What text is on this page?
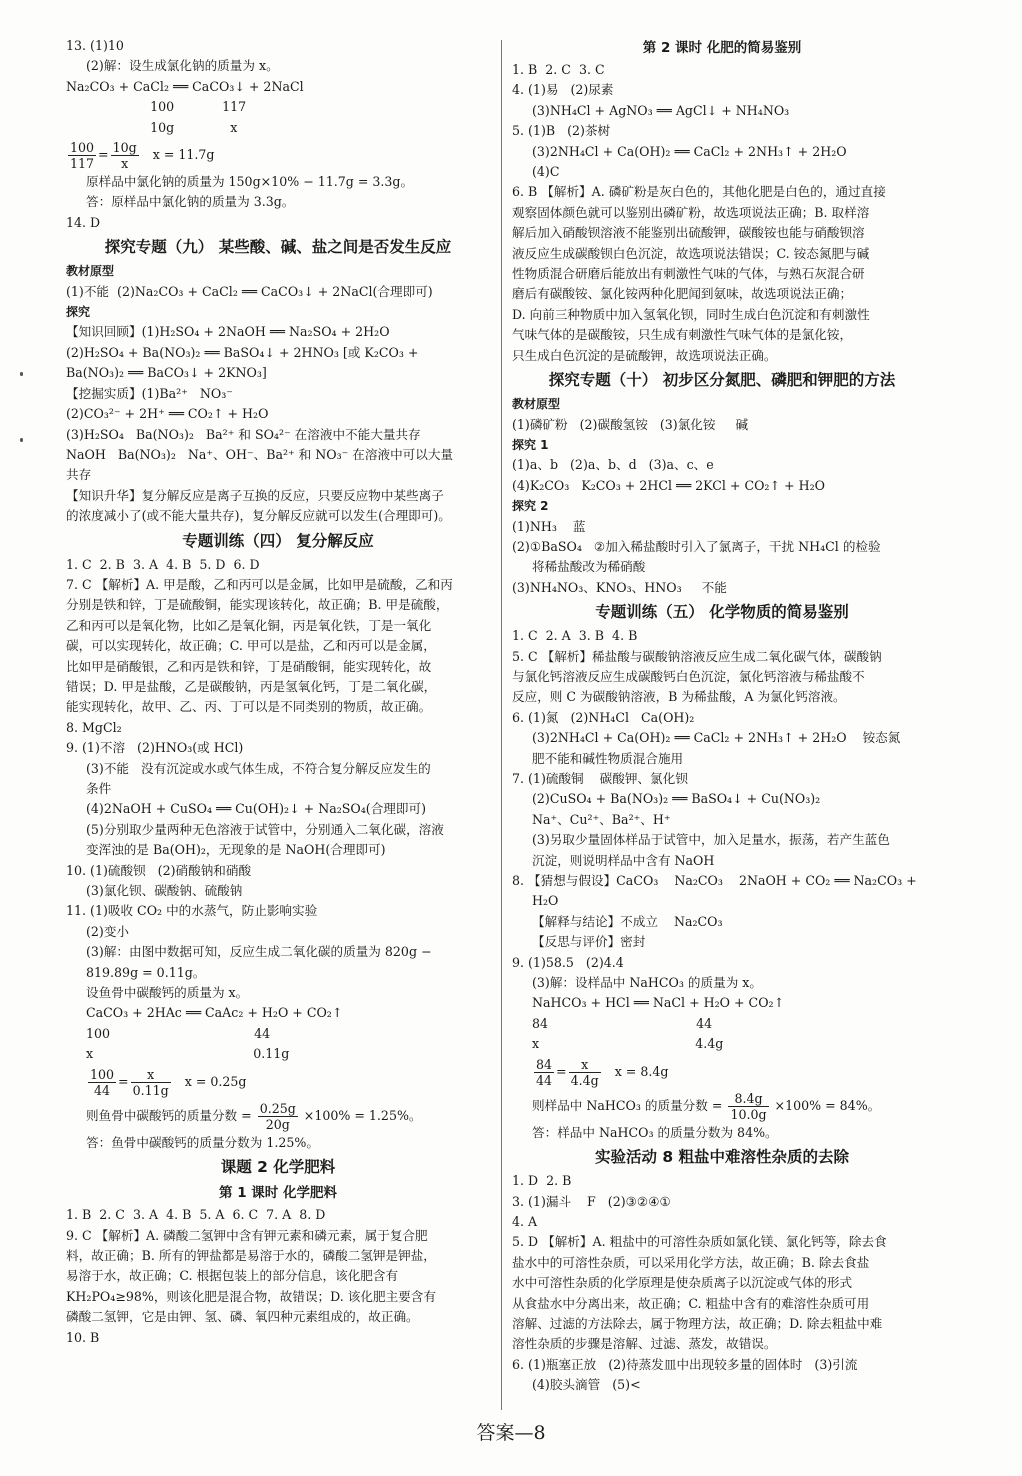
13. (1)10
(2)解：设生成氯化钠的质量为 x。
Na₂CO₃ + CaCl₂ ══ CaCO₃↓ + 2NaCl
100            117
10g              x
$\frac{100}{117} = \frac{10g}{x}$ x = 11.7g
原样品中氯化钠的质量为 150g×10% − 11.7g = 3.3g。
答：原样品中氯化钠的质量为 3.3g。
14. D
探究专题（九） 某些酸、碱、盐之间是否发生反应
教材原型
(1)不能  (2)Na₂CO₃ + CaCl₂ ══ CaCO₃↓ + 2NaCl(合理即可)
探究
【知识回顾】(1)H₂SO₄ + 2NaOH ══ Na₂SO₄ + 2H₂O
(2)H₂SO₄ + Ba(NO₃)₂ ══ BaSO₄↓ + 2HNO₃ [或 K₂CO₃ +
Ba(NO₃)₂ ══ BaCO₃↓ + 2KNO₃]
【挖掘实质】(1)Ba²⁺   NO₃⁻
(2)CO₃²⁻ + 2H⁺ ══ CO₂↑ + H₂O
(3)H₂SO₄   Ba(NO₃)₂   Ba²⁺ 和 SO₄²⁻ 在溶液中不能大量共存
NaOH   Ba(NO₃)₂   Na⁺、OH⁻、Ba²⁺ 和 NO₃⁻ 在溶液中可以大量
共存
【知识升华】复分解反应是离子互换的反应，只要反应物中某些离子
的浓度减小了(或不能大量共存)，复分解反应就可以发生(合理即可)。
专题训练（四） 复分解反应
1. C  2. B  3. A  4. B  5. D  6. D
7. C 【解析】A. 甲是酸，乙和丙可以是金属，比如甲是硫酸，乙和丙
分别是铁和锌，丁是硫酸铜，能实现该转化，故正确；B. 甲是硫酸，
乙和丙可以是氧化物，比如乙是氧化铜，丙是氧化铁，丁是一氧化
碳，可以实现转化，故正确；C. 甲可以是盐，乙和丙可以是金属，
比如甲是硝酸银，乙和丙是铁和锌，丁是硝酸铜，能实现转化，故
错误；D. 甲是盐酸，乙是碳酸钠，丙是氢氧化钙，丁是二氧化碳，
能实现转化，故甲、乙、丙、丁可以是不同类别的物质，故正确。
8. MgCl₂
9. (1)不溶   (2)HNO₃(或 HCl)
(3)不能   没有沉淀或水或气体生成，不符合复分解反应发生的
条件
(4)2NaOH + CuSO₄ ══ Cu(OH)₂↓ + Na₂SO₄(合理即可)
(5)分别取少量两种无色溶液于试管中，分别通入二氧化碳，溶液
变浑浊的是 Ba(OH)₂，无现象的是 NaOH(合理即可)
10. (1)硫酸钡   (2)硝酸钠和硝酸
(3)氯化钡、碳酸钠、硫酸钠
11. (1)吸收 CO₂ 中的水蒸气，防止影响实验
(2)变小
(3)解：由图中数据可知，反应生成二氧化碳的质量为 820g −
819.89g = 0.11g。
设鱼骨中碳酸钙的质量为 x。
CaCO₃ + 2HAc ══ CaAc₂ + H₂O + CO₂↑
100                                    44
x                                        0.11g
$\frac{100}{44} = \frac{x}{0.11g}$ x = 0.25g
则鱼骨中碳酸钙的质量分数 = $\frac{0.25g}{20g} \times 100\% = 1.25\%$。
答：鱼骨中碳酸钙的质量分数为 1.25%。
课题 2 化学肥料
第 1 课时 化学肥料
1. B  2. C  3. A  4. B  5. A  6. C  7. A  8. D
9. C 【解析】A. 磷酸二氢钾中含有钾元素和磷元素，属于复合肥
料，故正确；B. 所有的钾盐都是易溶于水的，磷酸二氢钾是钾盐，
易溶于水，故正确；C. 根据包装上的部分信息，该化肥含有
KH₂PO₄≥98%，则该化肥是混合物，故错误；D. 该化肥主要含有
磷酸二氢钾，它是由钾、氢、磷、氧四种元素组成的，故正确。
10. B
第 2 课时 化肥的简易鉴别
1. B  2. C  3. C
4. (1)易   (2)尿素
(3)NH₄Cl + AgNO₃ ══ AgCl↓ + NH₄NO₃
5. (1)B   (2)茶树
(3)2NH₄Cl + Ca(OH)₂ ══ CaCl₂ + 2NH₃↑ + 2H₂O
(4)C
6. B 【解析】A. 磷矿粉是灰白色的，其他化肥是白色的，通过直接
观察固体颜色就可以鉴别出磷矿粉，故选项说法正确；B. 取样溶
解后加入硝酸钡溶液不能鉴别出硫酸钾，碳酸铵也能与硝酸钡溶
液反应生成碳酸钡白色沉淀，故选项说法错误；C. 铵态氮肥与碱
性物质混合研磨后能放出有刺激性气味的气体，与熟石灰混合研
磨后有碳酸铵、氯化铵两种化肥闻到氨味，故选项说法正确；
D. 向前三种物质中加入氢氧化钡，同时生成白色沉淀和有刺激性
气味气体的是碳酸铵，只生成有刺激性气味气体的是氯化铵，
只生成白色沉淀的是硫酸钾，故选项说法正确。
探究专题（十） 初步区分氮肥、磷肥和钾肥的方法
教材原型
(1)磷矿粉   (2)碳酸氢铵   (3)氯化铵     碱
探究 1
(1)a、b   (2)a、b、d   (3)a、c、e
(4)K₂CO₃   K₂CO₃ + 2HCl ══ 2KCl + CO₂↑ + H₂O
探究 2
(1)NH₃    蓝
(2)①BaSO₄   ②加入稀盐酸时引入了氯离子，干扰 NH₄Cl 的检验
将稀盐酸改为稀硝酸
(3)NH₄NO₃、KNO₃、HNO₃     不能
专题训练（五） 化学物质的简易鉴别
1. C  2. A  3. B  4. B
5. C 【解析】稀盐酸与碳酸钠溶液反应生成二氧化碳气体，碳酸钠
与氯化钙溶液反应生成碳酸钙白色沉淀，氯化钙溶液与稀盐酸不
反应，则 C 为碳酸钠溶液，B 为稀盐酸，A 为氯化钙溶液。
6. (1)氮   (2)NH₄Cl   Ca(OH)₂
(3)2NH₄Cl + Ca(OH)₂ ══ CaCl₂ + 2NH₃↑ + 2H₂O    铵态氮
肥不能和碱性物质混合施用
7. (1)硫酸铜    碳酸钾、氯化钡
(2)CuSO₄ + Ba(NO₃)₂ ══ BaSO₄↓ + Cu(NO₃)₂
Na⁺、Cu²⁺、Ba²⁺、H⁺
(3)另取少量固体样品于试管中，加入足量水，振荡，若产生蓝色
沉淀，则说明样品中含有 NaOH
8. 【猜想与假设】CaCO₃    Na₂CO₃    2NaOH + CO₂ ══ Na₂CO₃ +
H₂O
【解释与结论】不成立    Na₂CO₃
【反思与评价】密封
9. (1)58.5   (2)4.4
(3)解：设样品中 NaHCO₃ 的质量为 x。
NaHCO₃ + HCl ══ NaCl + H₂O + CO₂↑
84                                     44
x                                       4.4g
$\frac{84}{44} = \frac{x}{4.4g}$ x = 8.4g
则样品中 NaHCO₃ 的质量分数 = $\frac{8.4g}{10.0g} \times 100\% = 84\%$。
答：样品中 NaHCO₃ 的质量分数为 84%。
实验活动 8 粗盐中难溶性杂质的去除
1. D  2. B
3. (1)漏斗    F   (2)③②④①
4. A
5. D 【解析】A. 粗盐中的可溶性杂质如氯化镁、氯化钙等，除去食
盐水中的可溶性杂质，可以采用化学方法，故正确；B. 除去食盐
水中可溶性杂质的化学原理是使杂质离子以沉淀或气体的形式
从食盐水中分离出来，故正确；C. 粗盐中含有的难溶性杂质可用
溶解、过滤的方法除去，属于物理方法，故正确；D. 除去粗盐中难
溶性杂质的步骤是溶解、过滤、蒸发，故错误。
6. (1)瓶塞正放   (2)待蒸发皿中出现较多量的固体时   (3)引流
(4)胶头滴管   (5)<
答案—8
